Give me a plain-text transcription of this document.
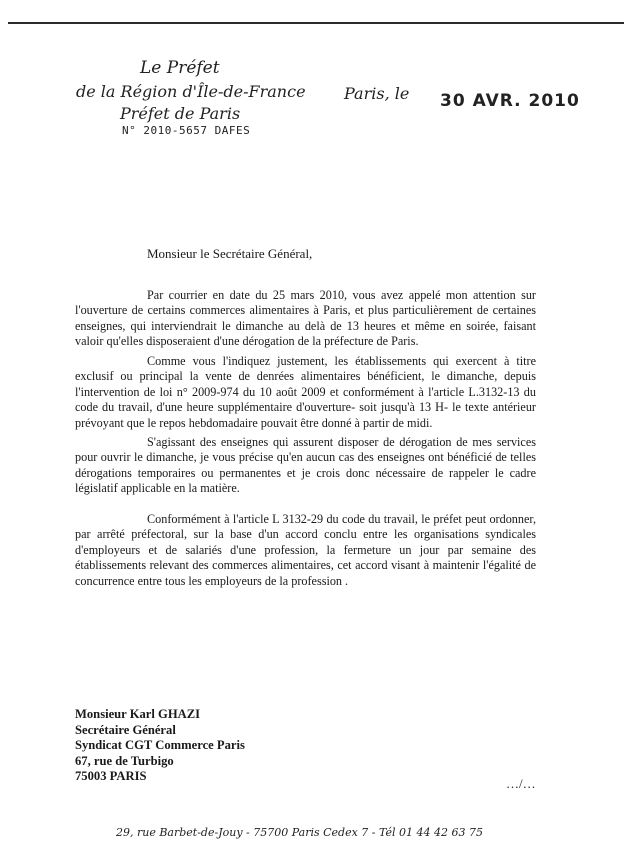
Le Préfet
de la Région d'Île-de-France
Préfet de Paris
N° 2010-5657 DAFES
Paris, le 30 AVR. 2010
Monsieur le Secrétaire Général,

Par courrier en date du 25 mars 2010, vous avez appelé mon attention sur l'ouverture de certains commerces alimentaires à Paris, et plus particulièrement de certaines enseignes, qui interviendrait le dimanche au delà de 13 heures et même en soirée, faisant valoir qu'elles disposeraient d'une dérogation de la préfecture de Paris.

Comme vous l'indiquez justement, les établissements qui exercent à titre exclusif ou principal la vente de denrées alimentaires bénéficient, le dimanche, depuis l'intervention de loi n° 2009-974 du 10 août 2009 et conformément à l'article L.3132-13 du code du travail, d'une heure supplémentaire d'ouverture- soit jusqu'à 13 H- le texte antérieur prévoyant que le repos hebdomadaire pouvait être donné à partir de midi.

S'agissant des enseignes qui assurent disposer de dérogation de mes services pour ouvrir le dimanche, je vous précise qu'en aucun cas des enseignes ont bénéficié de telles dérogations temporaires ou permanentes et je crois donc nécessaire de rappeler le cadre législatif applicable en la matière.

Conformément à l'article L 3132-29 du code du travail, le préfet peut ordonner, par arrêté préfectoral, sur la base d'un accord conclu entre les organisations syndicales d'employeurs et de salariés d'une profession, la fermeture un jour par semaine des établissements relevant des commerces alimentaires, cet accord visant à maintenir l'égalité de concurrence entre tous les employeurs de la profession .

Monsieur Karl GHAZI
Secrétaire Général
Syndicat CGT Commerce Paris
67, rue de Turbigo
75003 PARIS	…/…
29, rue Barbet-de-Jouy - 75700 Paris Cedex 7 - Tél 01 44 42 63 75
